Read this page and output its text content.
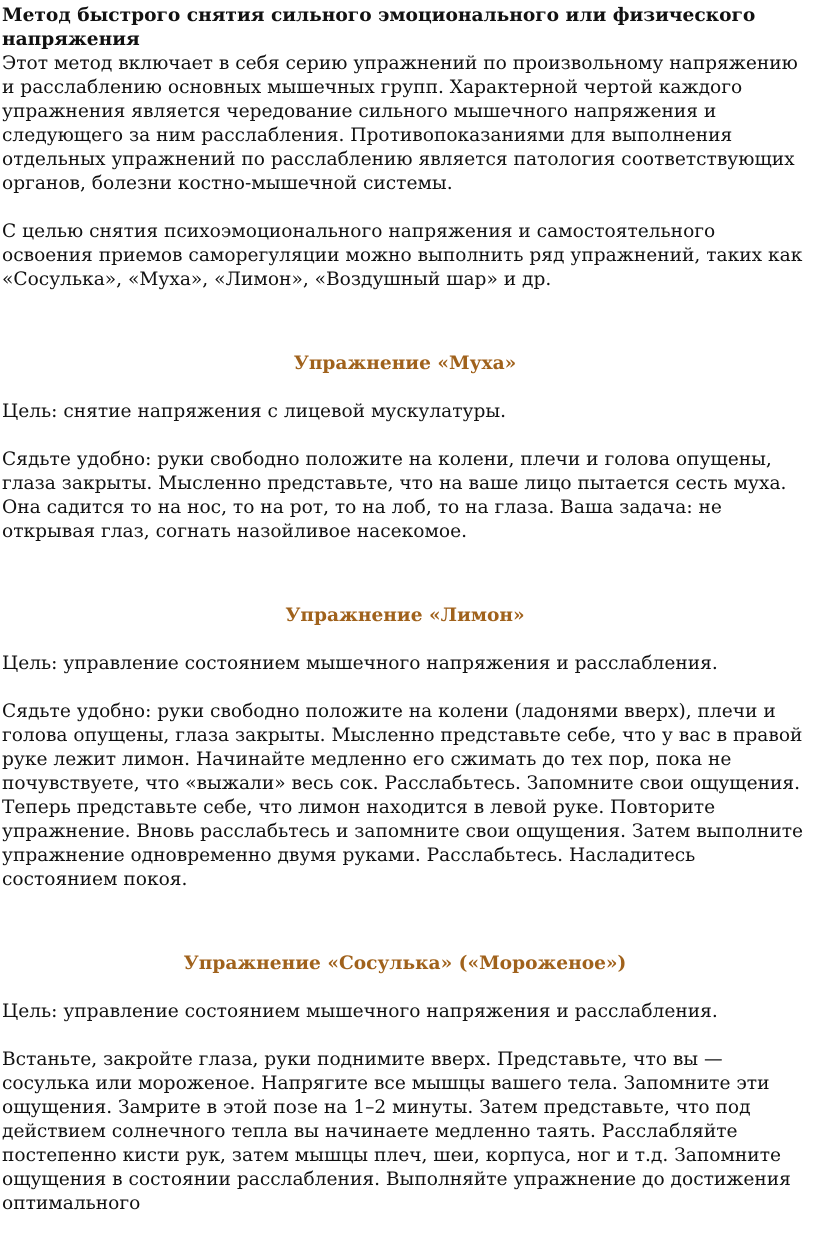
Метод быстрого снятия сильного эмоционального или физического напряжения

Этот метод включает в себя серию упражнений по произвольному напряжению и расслаблению основных мышечных групп. Характерной чертой каждого упражнения является чередование сильного мышечного напряжения и следующего за ним расслабления. Противопоказаниями для выполнения отдельных упражнений по расслаблению является патология соответствующих органов, болезни костно-мышечной системы.

С целью снятия психоэмоционального напряжения и самостоятельного освоения приемов саморегуляции можно выполнить ряд упражнений, таких как «Сосулька», «Муха», «Лимон», «Воздушный шар» и др.

Упражнение «Муха»

Цель: снятие напряжения с лицевой мускулатуры.

Сядьте удобно: руки свободно положите на колени, плечи и голова опущены, глаза закрыты. Мысленно представьте, что на ваше лицо пытается сесть муха. Она садится то на нос, то на рот, то на лоб, то на глаза. Ваша задача: не открывая глаз, согнать назойливое насекомое.

Упражнение «Лимон»

Цель: управление состоянием мышечного напряжения и расслабления.

Сядьте удобно: руки свободно положите на колени (ладонями вверх), плечи и голова опущены, глаза закрыты. Мысленно представьте себе, что у вас в правой руке лежит лимон. Начинайте медленно его сжимать до тех пор, пока не почувствуете, что «выжали» весь сок. Расслабьтесь. Запомните свои ощущения. Теперь представьте себе, что лимон находится в левой руке. Повторите упражнение. Вновь расслабьтесь и запомните свои ощущения. Затем выполните упражнение одновременно двумя руками. Расслабьтесь. Насладитесь состоянием покоя.

Упражнение «Сосулька» («Мороженое»)

Цель: управление состоянием мышечного напряжения и расслабления.

Встаньте, закройте глаза, руки поднимите вверх. Представьте, что вы — сосулька или мороженое. Напрягите все мышцы вашего тела. Запомните эти ощущения. Замрите в этой позе на 1–2 минуты. Затем представьте, что под действием солнечного тепла вы начинаете медленно таять. Расслабляйте постепенно кисти рук, затем мышцы плеч, шеи, корпуса, ног и т.д. Запомните ощущения в состоянии расслабления. Выполняйте упражнение до достижения оптимального
